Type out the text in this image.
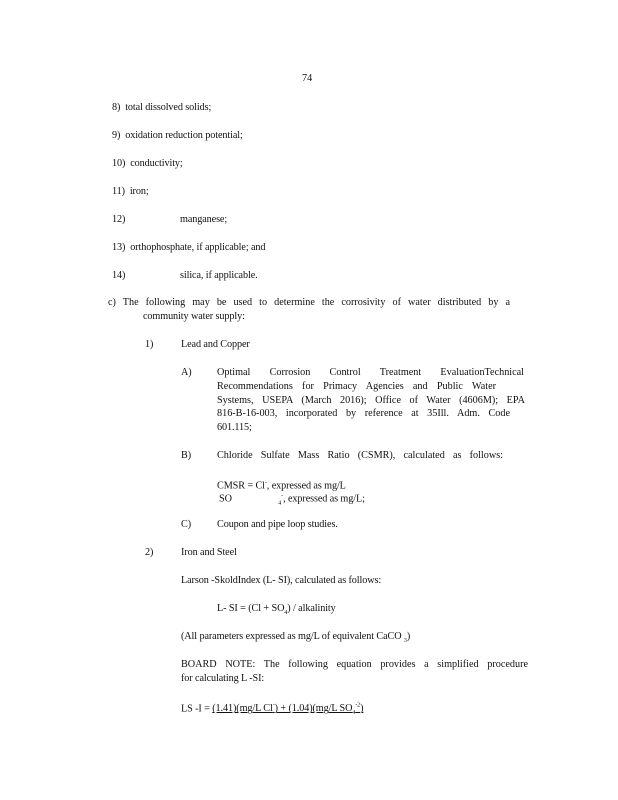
74
8) total dissolved solids;
9) oxidation reduction potential;
10) conductivity;
11) iron;
12)	manganese;
13) orthophosphate, if applicable; and
14)	silica, if applicable.
c) The following may be used to determine the corrosivity of water distributed by a
community water supply:
1)	Lead and Copper
A) Optimal Corrosion Control Treatment EvaluationTechnical
Recommendations for Primacy Agencies and Public Water
Systems, USEPA (March 2016); Office of Water (4606M); EPA
816-B-16-003, incorporated by reference at 35Ill. Adm. Code
601.115;
B)	Chloride Sulfate Mass Ratio (CSMR), calculated as follows:
CMSR = Cl-, expressed as mg/L
SO	$_4$-, expressed as mg/L;
C)	Coupon and pipe loop studies.
2)	Iron and Steel
Larson -SkoldIndex (L- SI), calculated as follows:
L- SI = $(Cl + SO_4)$ / alkalinity
(All parameters expressed as mg/L of equivalent CaCO $_3$)
BOARD NOTE: The following equation provides a simplified procedure
for calculating L -SI:
LS -I = (1.41)(mg/L Cl-) + (1.04)(mg/L $SO_4^{-2}$)
